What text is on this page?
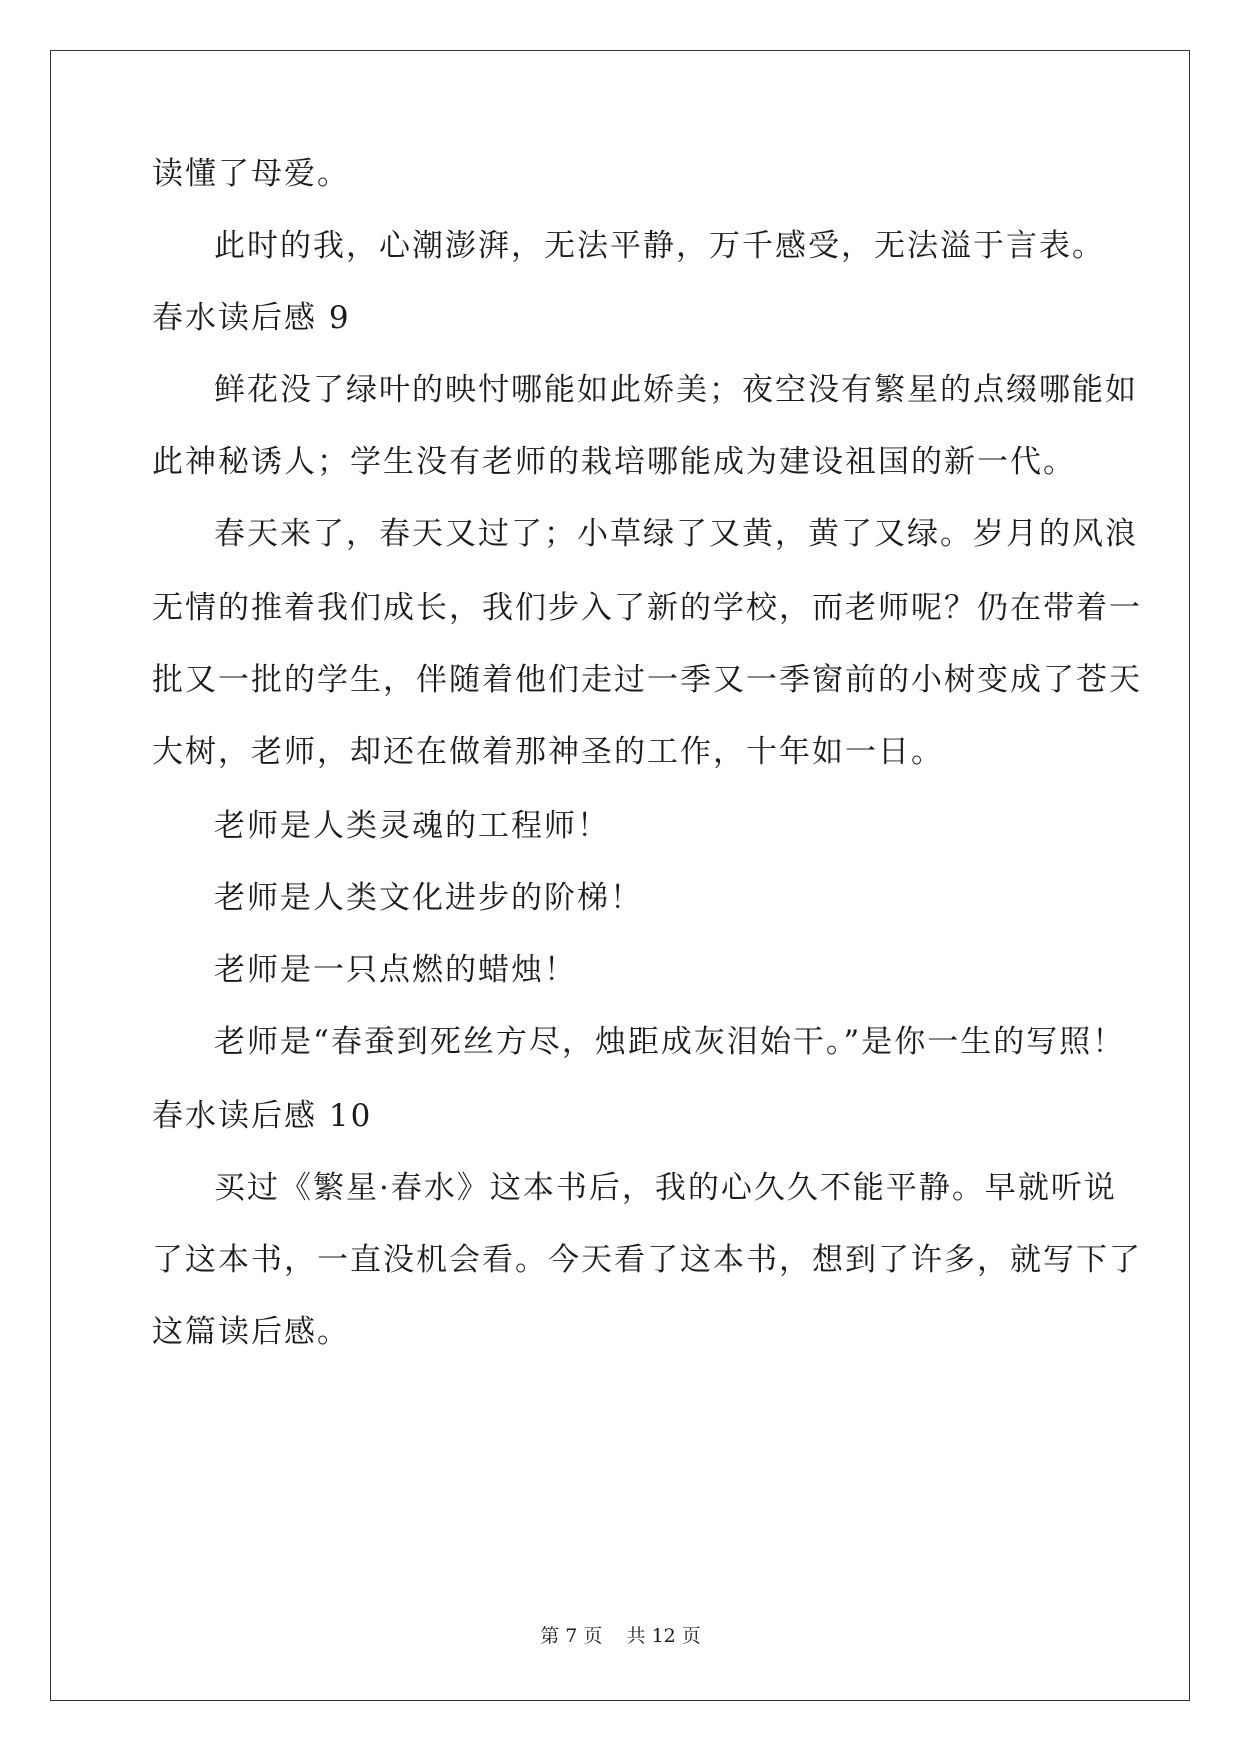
读懂了母爱。
此时的我，心潮澎湃，无法平静，万千感受，无法溢于言表。
春水读后感 9
鲜花没了绿叶的映忖哪能如此娇美；夜空没有繁星的点缀哪能如
此神秘诱人；学生没有老师的栽培哪能成为建设祖国的新一代。
春天来了，春天又过了；小草绿了又黄，黄了又绿。岁月的风浪
无情的推着我们成长，我们步入了新的学校，而老师呢？仍在带着一
批又一批的学生，伴随着他们走过一季又一季窗前的小树变成了苍天
大树，老师，却还在做着那神圣的工作，十年如一日。
老师是人类灵魂的工程师！
老师是人类文化进步的阶梯！
老师是一只点燃的蜡烛！
老师是“春蚕到死丝方尽，烛距成灰泪始干。”是你一生的写照！
春水读后感 10
买过《繁星·春水》这本书后，我的心久久不能平静。早就听说
了这本书，一直没机会看。今天看了这本书，想到了许多，就写下了
这篇读后感。
第 7 页    共 12 页
